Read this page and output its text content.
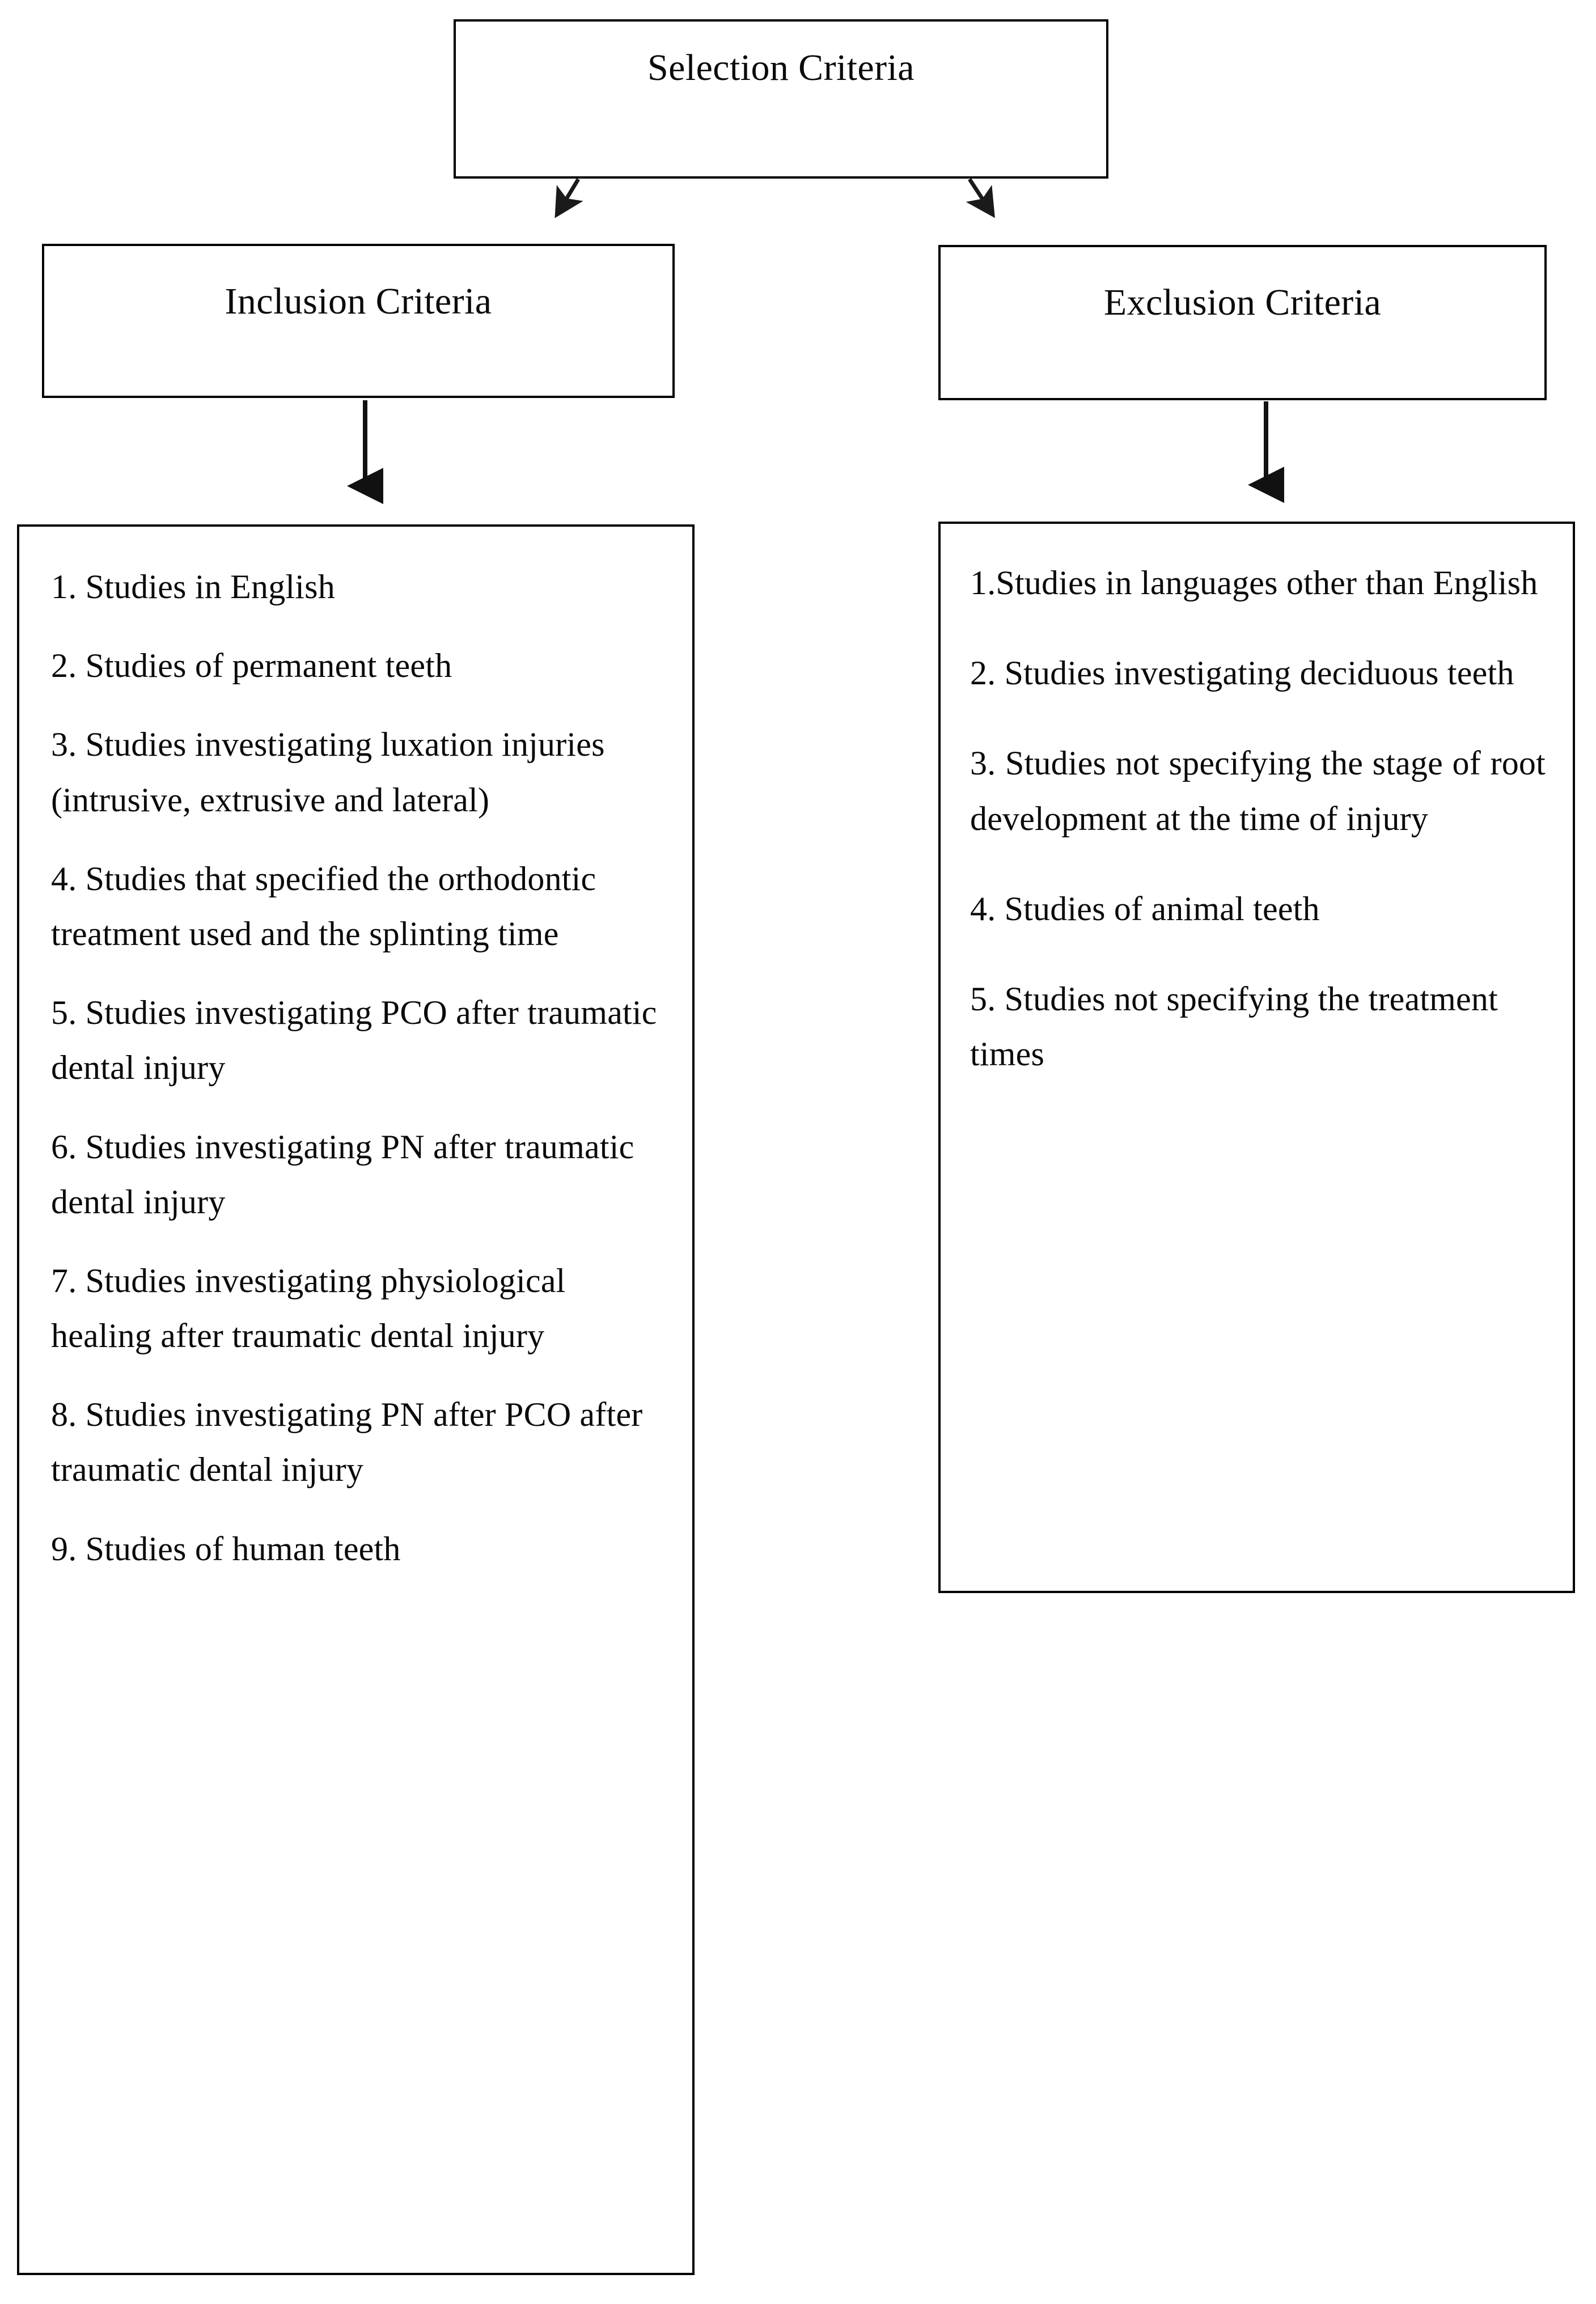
Selection Criteria
Inclusion Criteria	Exclusion Criteria
1. Studies in English
2. Studies of permanent teeth
3. Studies investigating luxation injuries (intrusive, extrusive and lateral)
4. Studies that specified the orthodontic treatment used and the splinting time
5. Studies investigating PCO after traumatic dental injury
6. Studies investigating PN after traumatic dental injury
7. Studies investigating physiological healing after traumatic dental injury
8. Studies investigating PN after PCO after traumatic dental injury
9. Studies of human teeth
1.Studies in languages other than English
2. Studies investigating deciduous teeth
3. Studies not specifying the stage of root development at the time of injury
4. Studies of animal teeth
5. Studies not specifying the treatment times
